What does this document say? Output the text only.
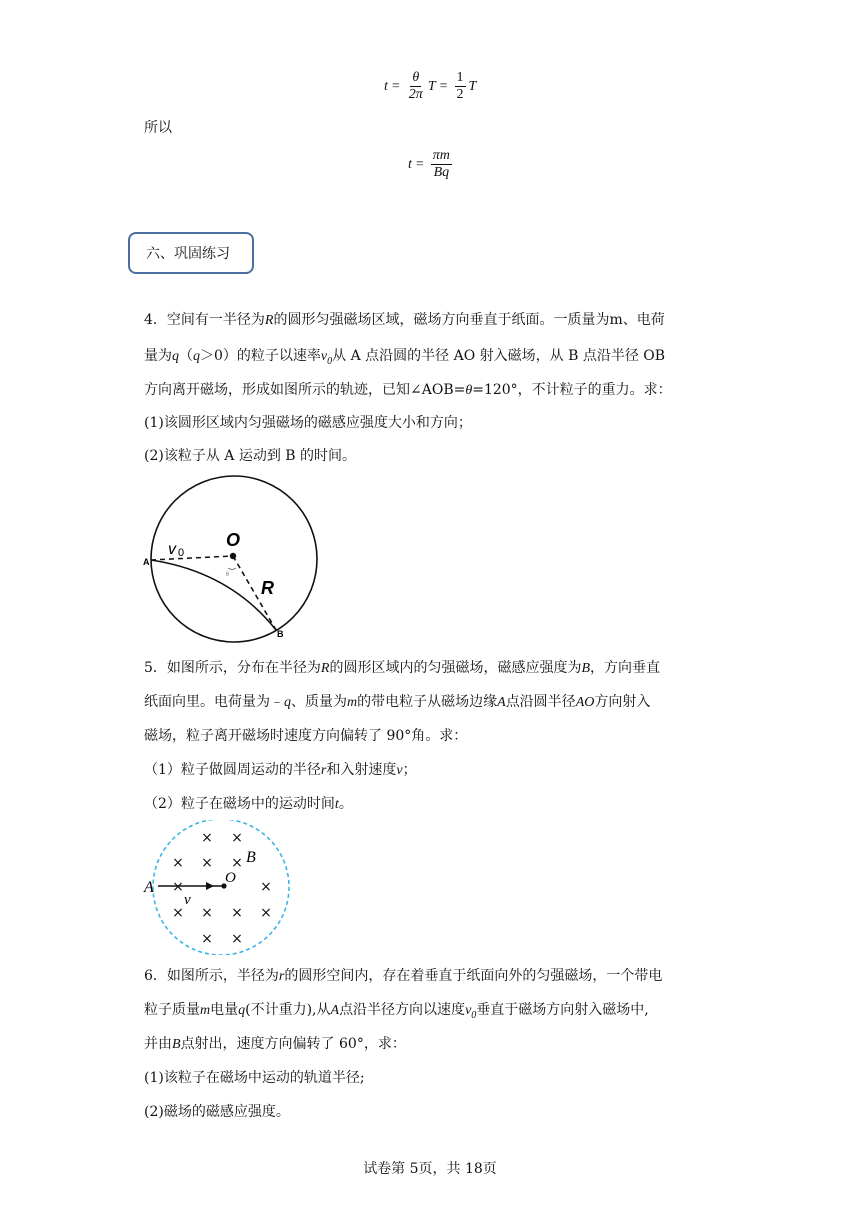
$t = \frac{\theta}{2\pi}$ $T = \frac{1}{2}$ T
所以
$t = \frac{\pi m}{Bq}$
六、巩固练习
4．空间有一半径为R的圆形匀强磁场区域，磁场方向垂直于纸面。一质量为m、电荷
量为q（q＞0）的粒子以速率$v_0$从 A 点沿圆的半径 AO 射入磁场，从 B 点沿半径 OB
方向离开磁场，形成如图所示的轨迹，已知∠AOB=θ=120°，不计粒子的重力。求：
(1)该圆形区域内匀强磁场的磁感应强度大小和方向；
(2)该粒子从 A 运动到 B 的时间。
A
B
O
R
v 0
θ
5．如图所示，分布在半径为R的圆形区域内的匀强磁场，磁感应强度为B，方向垂直
纸面向里。电荷量为﹣q、质量为m的带电粒子从磁场边缘A点沿圆半径AO方向射入
磁场，粒子离开磁场时速度方向偏转了 90°角。求：
（1）粒子做圆周运动的半径r和入射速度v；
（2）粒子在磁场中的运动时间t。
× ×
× × ×
×	×
× × × ×
× ×
A
B
O
v
6．如图所示，半径为r的圆形空间内，存在着垂直于纸面向外的匀强磁场，一个带电
粒子质量m电量q(不计重力),从A点沿半径方向以速度$v_0$垂直于磁场方向射入磁场中,
并由B点射出，速度方向偏转了 60°，求：
(1)该粒子在磁场中运动的轨道半径;
(2)磁场的磁感应强度。
试卷第 5页，共 18页
